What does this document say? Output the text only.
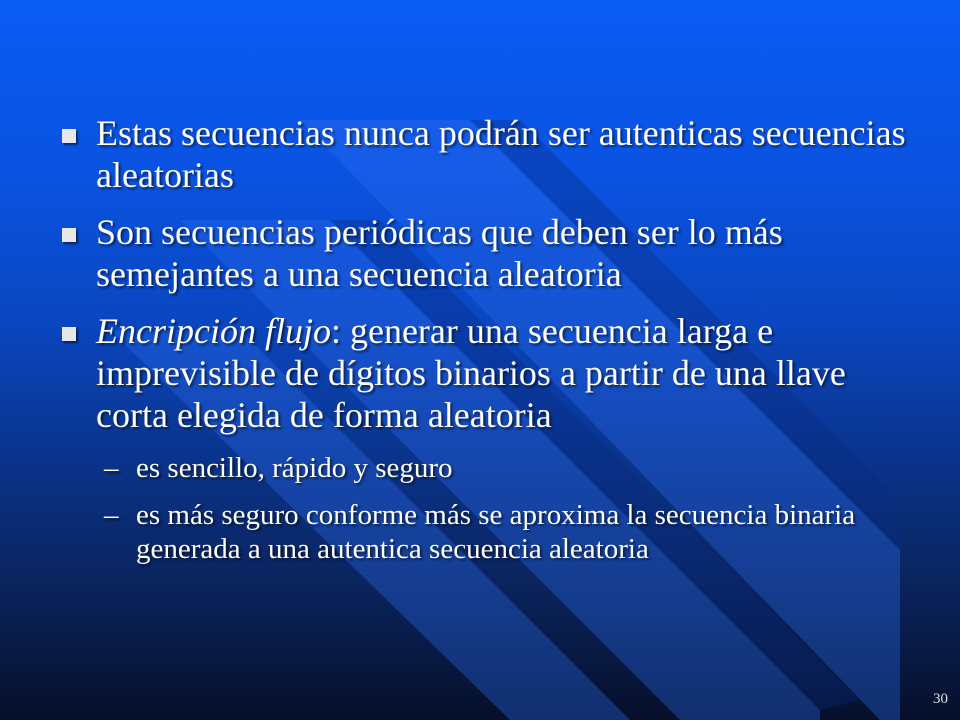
Estas secuencias nunca podrán ser autenticas secuencias aleatorias
Son secuencias periódicas que deben ser lo más semejantes a una secuencia aleatoria
Encripción flujo: generar una secuencia larga e imprevisible de dígitos binarios a partir de una llave corta elegida de forma aleatoria
– es sencillo, rápido y seguro
– es más seguro conforme más se aproxima la secuencia binaria generada a una autentica secuencia aleatoria
30
